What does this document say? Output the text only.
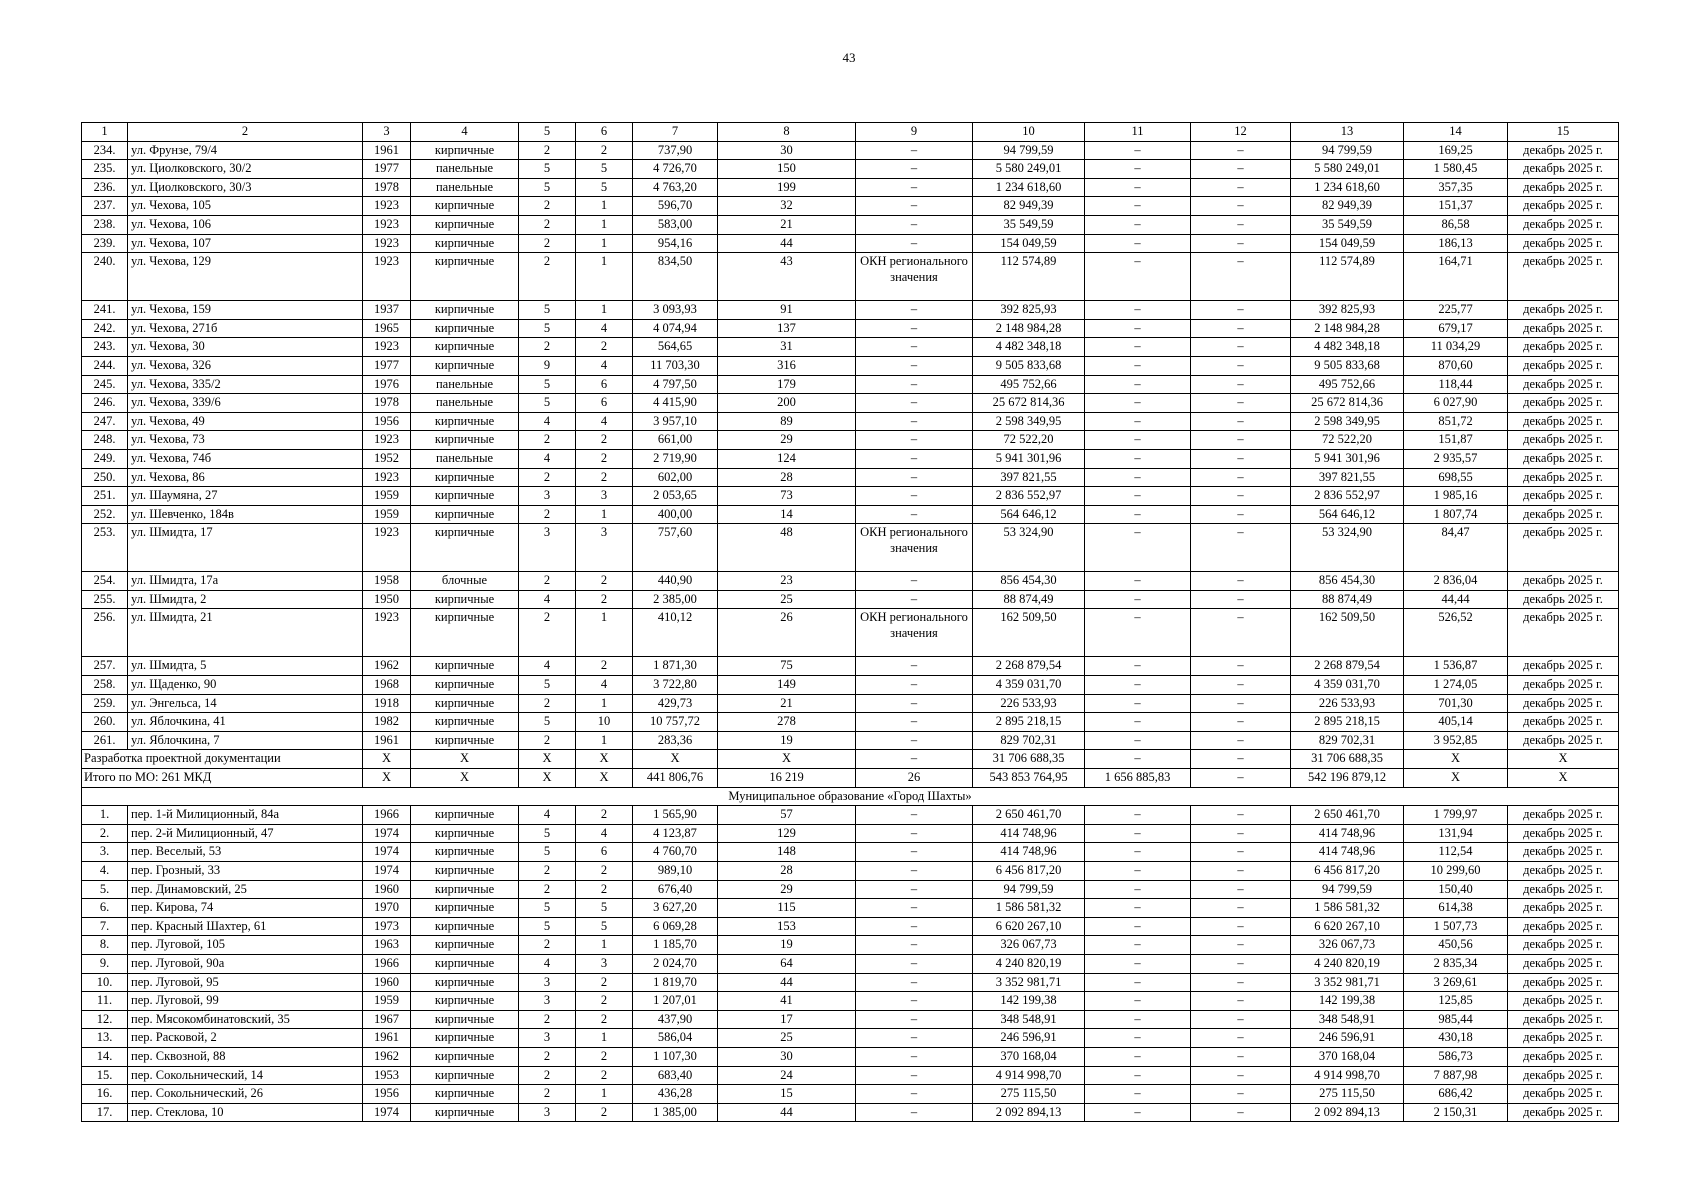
43
1	2	3	4	5	6	7	8	9	10	11	12	13	14	15
234.	ул. Фрунзе, 79/4	1961	кирпичные	2	2	737,90	30	–	94 799,59	–	–	94 799,59	169,25	декабрь 2025 г.
235.	ул. Циолковского, 30/2	1977	панельные	5	5	4 726,70	150	–	5 580 249,01	–	–	5 580 249,01	1 580,45	декабрь 2025 г.
236.	ул. Циолковского, 30/3	1978	панельные	5	5	4 763,20	199	–	1 234 618,60	–	–	1 234 618,60	357,35	декабрь 2025 г.
237.	ул. Чехова, 105	1923	кирпичные	2	1	596,70	32	–	82 949,39	–	–	82 949,39	151,37	декабрь 2025 г.
238.	ул. Чехова, 106	1923	кирпичные	2	1	583,00	21	–	35 549,59	–	–	35 549,59	86,58	декабрь 2025 г.
239.	ул. Чехова, 107	1923	кирпичные	2	1	954,16	44	–	154 049,59	–	–	154 049,59	186,13	декабрь 2025 г.
240.	ул. Чехова, 129	1923	кирпичные	2	1	834,50	43	ОКН регионального значения	112 574,89	–	–	112 574,89	164,71	декабрь 2025 г.
241.	ул. Чехова, 159	1937	кирпичные	5	1	3 093,93	91	–	392 825,93	–	–	392 825,93	225,77	декабрь 2025 г.
242.	ул. Чехова, 271б	1965	кирпичные	5	4	4 074,94	137	–	2 148 984,28	–	–	2 148 984,28	679,17	декабрь 2025 г.
243.	ул. Чехова, 30	1923	кирпичные	2	2	564,65	31	–	4 482 348,18	–	–	4 482 348,18	11 034,29	декабрь 2025 г.
244.	ул. Чехова, 326	1977	кирпичные	9	4	11 703,30	316	–	9 505 833,68	–	–	9 505 833,68	870,60	декабрь 2025 г.
245.	ул. Чехова, 335/2	1976	панельные	5	6	4 797,50	179	–	495 752,66	–	–	495 752,66	118,44	декабрь 2025 г.
246.	ул. Чехова, 339/6	1978	панельные	5	6	4 415,90	200	–	25 672 814,36	–	–	25 672 814,36	6 027,90	декабрь 2025 г.
247.	ул. Чехова, 49	1956	кирпичные	4	4	3 957,10	89	–	2 598 349,95	–	–	2 598 349,95	851,72	декабрь 2025 г.
248.	ул. Чехова, 73	1923	кирпичные	2	2	661,00	29	–	72 522,20	–	–	72 522,20	151,87	декабрь 2025 г.
249.	ул. Чехова, 74б	1952	панельные	4	2	2 719,90	124	–	5 941 301,96	–	–	5 941 301,96	2 935,57	декабрь 2025 г.
250.	ул. Чехова, 86	1923	кирпичные	2	2	602,00	28	–	397 821,55	–	–	397 821,55	698,55	декабрь 2025 г.
251.	ул. Шаумяна, 27	1959	кирпичные	3	3	2 053,65	73	–	2 836 552,97	–	–	2 836 552,97	1 985,16	декабрь 2025 г.
252.	ул. Шевченко, 184в	1959	кирпичные	2	1	400,00	14	–	564 646,12	–	–	564 646,12	1 807,74	декабрь 2025 г.
253.	ул. Шмидта, 17	1923	кирпичные	3	3	757,60	48	ОКН регионального значения	53 324,90	–	–	53 324,90	84,47	декабрь 2025 г.
254.	ул. Шмидта, 17а	1958	блочные	2	2	440,90	23	–	856 454,30	–	–	856 454,30	2 836,04	декабрь 2025 г.
255.	ул. Шмидта, 2	1950	кирпичные	4	2	2 385,00	25	–	88 874,49	–	–	88 874,49	44,44	декабрь 2025 г.
256.	ул. Шмидта, 21	1923	кирпичные	2	1	410,12	26	ОКН регионального значения	162 509,50	–	–	162 509,50	526,52	декабрь 2025 г.
257.	ул. Шмидта, 5	1962	кирпичные	4	2	1 871,30	75	–	2 268 879,54	–	–	2 268 879,54	1 536,87	декабрь 2025 г.
258.	ул. Щаденко, 90	1968	кирпичные	5	4	3 722,80	149	–	4 359 031,70	–	–	4 359 031,70	1 274,05	декабрь 2025 г.
259.	ул. Энгельса, 14	1918	кирпичные	2	1	429,73	21	–	226 533,93	–	–	226 533,93	701,30	декабрь 2025 г.
260.	ул. Яблочкина, 41	1982	кирпичные	5	10	10 757,72	278	–	2 895 218,15	–	–	2 895 218,15	405,14	декабрь 2025 г.
261.	ул. Яблочкина, 7	1961	кирпичные	2	1	283,36	19	–	829 702,31	–	–	829 702,31	3 952,85	декабрь 2025 г.
Разработка проектной документации		X	X	X	X	X	X	–	31 706 688,35	–	–	31 706 688,35	X	X
Итого по МО: 261 МКД		X	X	X	X	441 806,76	16 219	26	543 853 764,95	1 656 885,83	–	542 196 879,12	X	X
Муниципальное образование «Город Шахты»														
1.	пер. 1-й Милиционный, 84а	1966	кирпичные	4	2	1 565,90	57	–	2 650 461,70	–	–	2 650 461,70	1 799,97	декабрь 2025 г.
2.	пер. 2-й Милиционный, 47	1974	кирпичные	5	4	4 123,87	129	–	414 748,96	–	–	414 748,96	131,94	декабрь 2025 г.
3.	пер. Веселый, 53	1974	кирпичные	5	6	4 760,70	148	–	414 748,96	–	–	414 748,96	112,54	декабрь 2025 г.
4.	пер. Грозный, 33	1974	кирпичные	2	2	989,10	28	–	6 456 817,20	–	–	6 456 817,20	10 299,60	декабрь 2025 г.
5.	пер. Динамовский, 25	1960	кирпичные	2	2	676,40	29	–	94 799,59	–	–	94 799,59	150,40	декабрь 2025 г.
6.	пер. Кирова, 74	1970	кирпичные	5	5	3 627,20	115	–	1 586 581,32	–	–	1 586 581,32	614,38	декабрь 2025 г.
7.	пер. Красный Шахтер, 61	1973	кирпичные	5	5	6 069,28	153	–	6 620 267,10	–	–	6 620 267,10	1 507,73	декабрь 2025 г.
8.	пер. Луговой, 105	1963	кирпичные	2	1	1 185,70	19	–	326 067,73	–	–	326 067,73	450,56	декабрь 2025 г.
9.	пер. Луговой, 90а	1966	кирпичные	4	3	2 024,70	64	–	4 240 820,19	–	–	4 240 820,19	2 835,34	декабрь 2025 г.
10.	пер. Луговой, 95	1960	кирпичные	3	2	1 819,70	44	–	3 352 981,71	–	–	3 352 981,71	3 269,61	декабрь 2025 г.
11.	пер. Луговой, 99	1959	кирпичные	3	2	1 207,01	41	–	142 199,38	–	–	142 199,38	125,85	декабрь 2025 г.
12.	пер. Мясокомбинатовский, 35	1967	кирпичные	2	2	437,90	17	–	348 548,91	–	–	348 548,91	985,44	декабрь 2025 г.
13.	пер. Расковой, 2	1961	кирпичные	3	1	586,04	25	–	246 596,91	–	–	246 596,91	430,18	декабрь 2025 г.
14.	пер. Сквозной, 88	1962	кирпичные	2	2	1 107,30	30	–	370 168,04	–	–	370 168,04	586,73	декабрь 2025 г.
15.	пер. Сокольнический, 14	1953	кирпичные	2	2	683,40	24	–	4 914 998,70	–	–	4 914 998,70	7 887,98	декабрь 2025 г.
16.	пер. Сокольнический, 26	1956	кирпичные	2	1	436,28	15	–	275 115,50	–	–	275 115,50	686,42	декабрь 2025 г.
17.	пер. Стеклова, 10	1974	кирпичные	3	2	1 385,00	44	–	2 092 894,13	–	–	2 092 894,13	2 150,31	декабрь 2025 г.
